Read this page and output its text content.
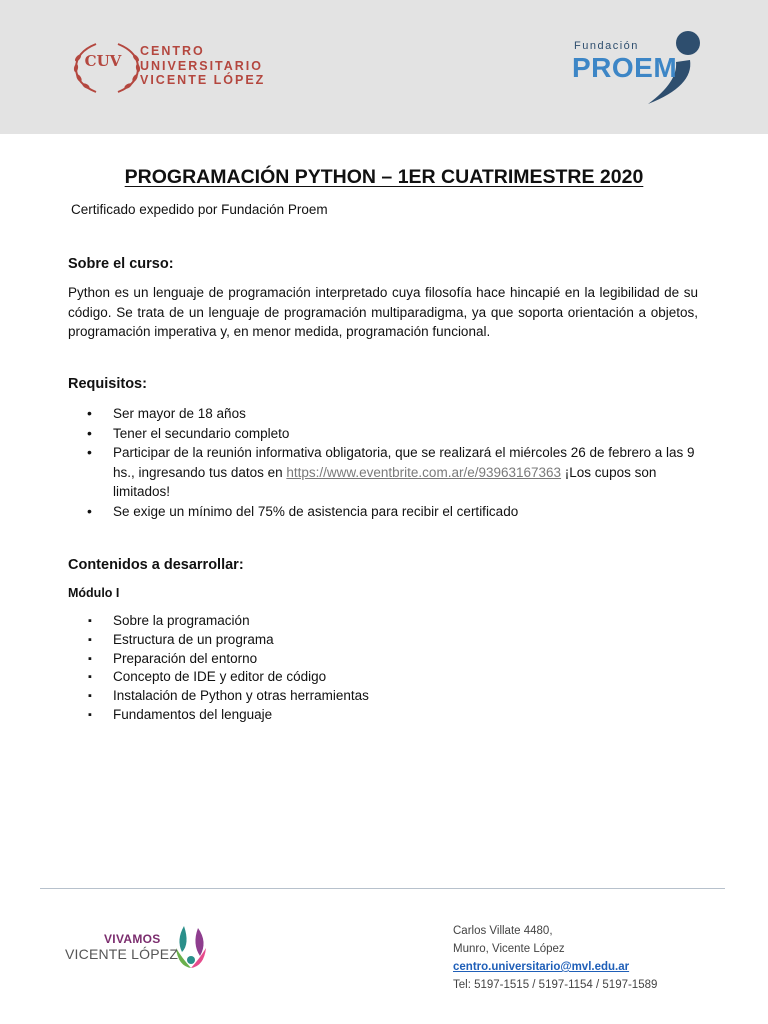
CUV
CENTRO
UNIVERSITARIO
VICENTE LÓPEZ
Fundación
PROEM
PROGRAMACIÓN PYTHON – 1ER CUATRIMESTRE 2020
Certificado expedido por Fundación Proem
Sobre el curso:
Python es un lenguaje de programación interpretado cuya filosofía hace hincapié en la legibilidad de su código. Se trata de un lenguaje de programación multiparadigma, ya que soporta orientación a objetos, programación imperativa y, en menor medida, programación funcional.
Requisitos:
• Ser mayor de 18 años
• Tener el secundario completo
• Participar de la reunión informativa obligatoria, que se realizará el miércoles 26 de febrero a las 9 hs., ingresando tus datos en https://www.eventbrite.com.ar/e/93963167363 ¡Los cupos son limitados!
• Se exige un mínimo del 75% de asistencia para recibir el certificado
Contenidos a desarrollar:
Módulo I
▪ Sobre la programación
▪ Estructura de un programa
▪ Preparación del entorno
▪ Concepto de IDE y editor de código
▪ Instalación de Python y otras herramientas
▪ Fundamentos del lenguaje
VIVAMOS
VICENTE LÓPEZ
Carlos Villate 4480,
Munro, Vicente López
centro.universitario@mvl.edu.ar
Tel: 5197-1515 / 5197-1154 / 5197-1589
